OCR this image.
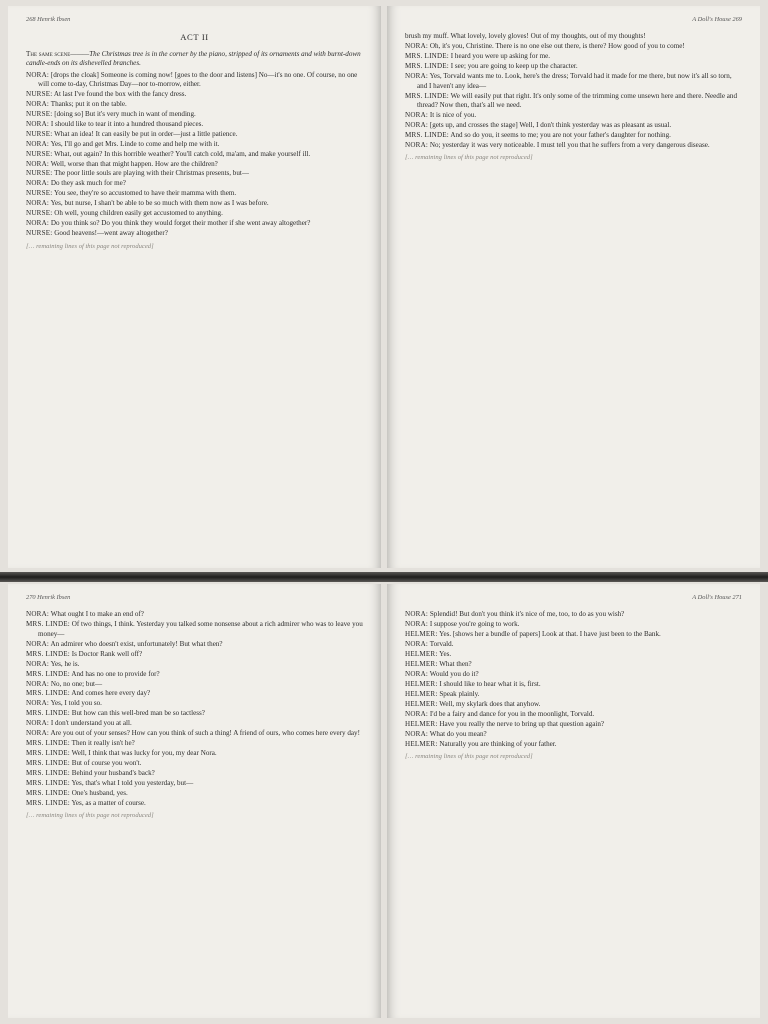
268 Henrik Ibsen
ACT II

The same scene———The Christmas tree is in the corner by the piano, stripped of its ornaments and with burnt-down candle-ends on its dishevelled branches.

NORA: [drops the cloak] Someone is coming now! [goes to the door and listens] No—it's no one. Of course, no one will come to-day, Christmas Day—nor to-morrow, either.

NURSE: At last I've found the box with the fancy dress.

NORA: Thanks; put it on the table.

NURSE: [doing so] But it's very much in want of mending.

NORA: I should like to tear it into a hundred thousand pieces.

NURSE: What an idea! It can easily be put in order—just a little patience.

NORA: Yes, I'll go and get Mrs. Linde to come and help me with it.

NURSE: What, out again? In this horrible weather? You'll catch cold, ma'am, and make yourself ill.

NORA: Well, worse than that might happen. How are the children?

NURSE: The poor little souls are playing with their Christmas presents, but—

NORA: Do they ask much for me?

NURSE: You see, they're so accustomed to have their mamma with them.

NORA: Yes, but nurse, I shan't be able to be so much with them now as I was before.

NURSE: Oh well, young children easily get accustomed to anything.

NORA: Do you think so? Do you think they would forget their mother if she went away altogether?

NURSE: Good heavens!—went away altogether?

[… remaining lines of this page not reproduced]
A Doll's House 269

brush my muff. What lovely, lovely gloves! Out of my thoughts, out of my thoughts!

NORA: Oh, it's you, Christine. There is no one else out there, is there? How good of you to come!

MRS. LINDE: I heard you were up asking for me.

MRS. LINDE: I see; you are going to keep up the character.

NORA: Yes, Torvald wants me to. Look, here's the dress; Torvald had it made for me there, but now it's all so torn, and I haven't any idea—

MRS. LINDE: We will easily put that right. It's only some of the trimming come unsewn here and there. Needle and thread? Now then, that's all we need.

NORA: It is nice of you.

NORA: [gets up, and crosses the stage] Well, I don't think yesterday was as pleasant as usual.

MRS. LINDE: And so do you, it seems to me; you are not your father's daughter for nothing.

NORA: No; yesterday it was very noticeable. I must tell you that he suffers from a very dangerous disease.

[… remaining lines of this page not reproduced]
270 Henrik Ibsen

NORA: What ought I to make an end of?

MRS. LINDE: Of two things, I think. Yesterday you talked some nonsense about a rich admirer who was to leave you money—

NORA: An admirer who doesn't exist, unfortunately! But what then?

MRS. LINDE: Is Doctor Rank well off?

NORA: Yes, he is.

MRS. LINDE: And has no one to provide for?

NORA: No, no one; but—

MRS. LINDE: And comes here every day?

NORA: Yes, I told you so.

MRS. LINDE: But how can this well-bred man be so tactless?

NORA: I don't understand you at all.

NORA: Are you out of your senses? How can you think of such a thing! A friend of ours, who comes here every day!

MRS. LINDE: Then it really isn't he?

MRS. LINDE: Well, I think that was lucky for you, my dear Nora.

MRS. LINDE: But of course you won't.

MRS. LINDE: Behind your husband's back?

MRS. LINDE: Yes, that's what I told you yesterday, but—

MRS. LINDE: One's husband, yes.

MRS. LINDE: Yes, as a matter of course.

[… remaining lines of this page not reproduced]
A Doll's House 271

NORA: Splendid! But don't you think it's nice of me, too, to do as you wish?

NORA: I suppose you're going to work.

HELMER: Yes. [shows her a bundle of papers] Look at that. I have just been to the Bank.

NORA: Torvald.

HELMER: Yes.

HELMER: What then?

NORA: Would you do it?

HELMER: I should like to hear what it is, first.

HELMER: Speak plainly.

HELMER: Well, my skylark does that anyhow.

NORA: I'd be a fairy and dance for you in the moonlight, Torvald.

HELMER: Have you really the nerve to bring up that question again?

NORA: What do you mean?

HELMER: Naturally you are thinking of your father.

[… remaining lines of this page not reproduced]
